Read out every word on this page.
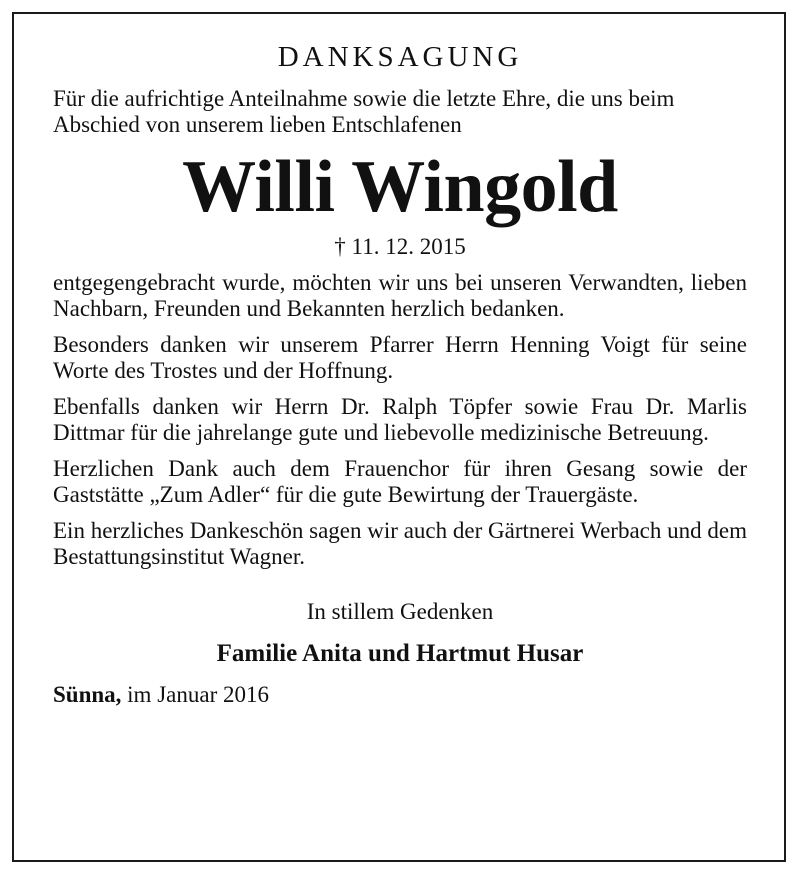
DANKSAGUNG

Für die aufrichtige Anteilnahme sowie die letzte Ehre, die uns beim Abschied von unserem lieben Entschlafenen

Willi Wingold
† 11. 12. 2015

entgegengebracht wurde, möchten wir uns bei unseren Verwandten, lieben Nachbarn, Freunden und Bekannten herzlich bedanken.

Besonders danken wir unserem Pfarrer Herrn Henning Voigt für seine Worte des Trostes und der Hoffnung.

Ebenfalls danken wir Herrn Dr. Ralph Töpfer sowie Frau Dr. Marlis Dittmar für die jahrelange gute und liebevolle medizinische Betreuung.

Herzlichen Dank auch dem Frauenchor für ihren Gesang sowie der Gaststätte „Zum Adler“ für die gute Bewirtung der Trauergäste.

Ein herzliches Dankeschön sagen wir auch der Gärtnerei Werbach und dem Bestattungsinstitut Wagner.

In stillem Gedenken
Familie Anita und Hartmut Husar
Sünna, im Januar 2016
